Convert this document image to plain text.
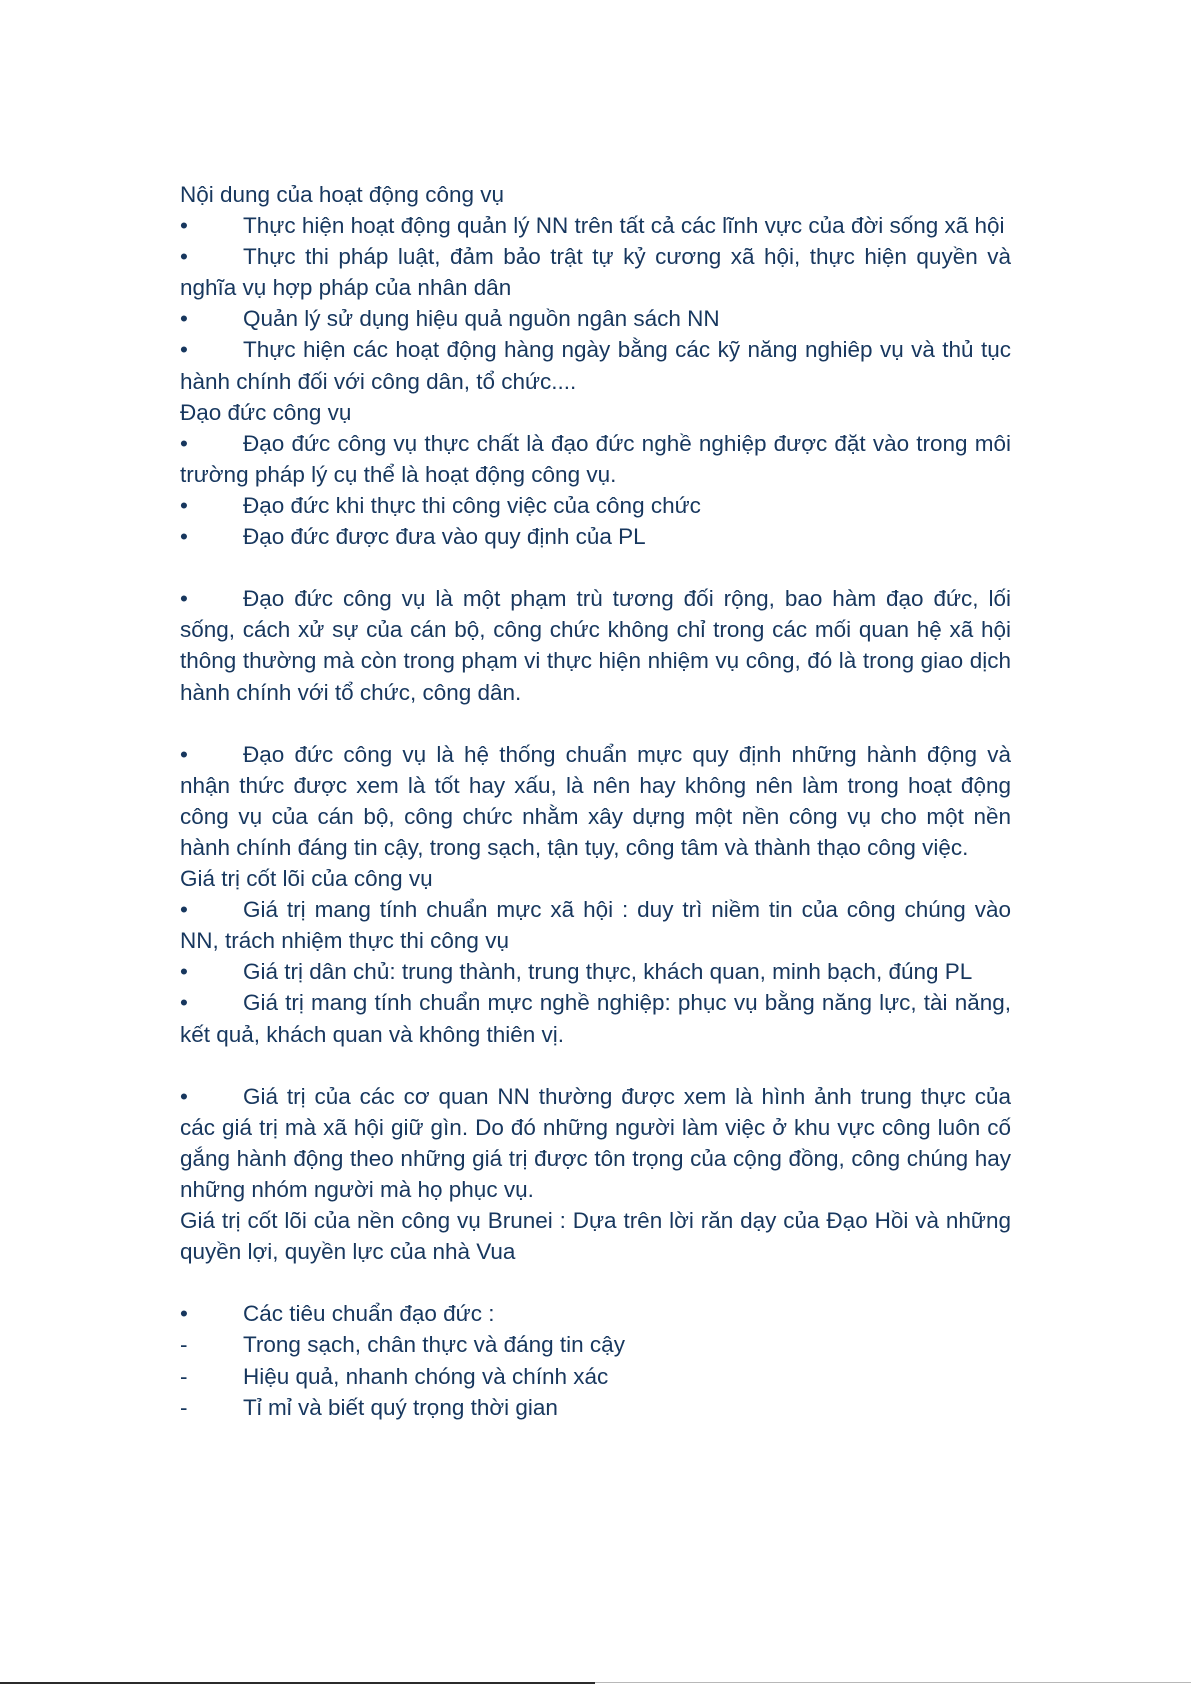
Nội dung của hoạt động công vụ

• Thực hiện hoạt động quản lý NN trên tất cả các lĩnh vực của đời sống xã hội

• Thực thi pháp luật, đảm bảo trật tự kỷ cương xã hội, thực hiện quyền và nghĩa vụ hợp pháp của nhân dân

• Quản lý sử dụng hiệu quả nguồn ngân sách NN

• Thực hiện các hoạt động hàng ngày bằng các kỹ năng nghiêp vụ và thủ tục hành chính đối với công dân, tổ chức....

Đạo đức công vụ

• Đạo đức công vụ thực chất là đạo đức nghề nghiệp được đặt vào trong môi trường pháp lý cụ thể là hoạt động công vụ.

• Đạo đức khi thực thi công việc của công chức

• Đạo đức được đưa vào quy định của PL

• Đạo đức công vụ là một phạm trù tương đối rộng, bao hàm đạo đức, lối sống, cách xử sự của cán bộ, công chức không chỉ trong các mối quan hệ xã hội thông thường mà còn trong phạm vi thực hiện nhiệm vụ công, đó là trong giao dịch hành chính với tổ chức, công dân.

• Đạo đức công vụ là hệ thống chuẩn mực quy định những hành động và nhận thức được xem là tốt hay xấu, là nên hay không nên làm trong hoạt động công vụ của cán bộ, công chức nhằm xây dựng một nền công vụ cho một nền hành chính đáng tin cậy, trong sạch, tận tụy, công tâm và thành thạo công việc.

Giá trị cốt lõi của công vụ

• Giá trị mang tính chuẩn mực xã hội : duy trì niềm tin của công chúng vào NN, trách nhiệm thực thi công vụ

• Giá trị dân chủ: trung thành, trung thực, khách quan, minh bạch, đúng PL

• Giá trị mang tính chuẩn mực nghề nghiệp: phục vụ bằng năng lực, tài năng, kết quả, khách quan và không thiên vị.

• Giá trị của các cơ quan NN thường được xem là hình ảnh trung thực của các giá trị mà xã hội giữ gìn. Do đó những người làm việc ở khu vực công luôn cố gắng hành động theo những giá trị được tôn trọng của cộng đồng, công chúng hay những nhóm người mà họ phục vụ.

Giá trị cốt lõi của nền công vụ Brunei : Dựa trên lời răn dạy của Đạo Hồi và những quyền lợi, quyền lực của nhà Vua

• Các tiêu chuẩn đạo đức :

- Trong sạch, chân thực và đáng tin cậy

- Hiệu quả, nhanh chóng và chính xác

- Tỉ mỉ và biết quý trọng thời gian
